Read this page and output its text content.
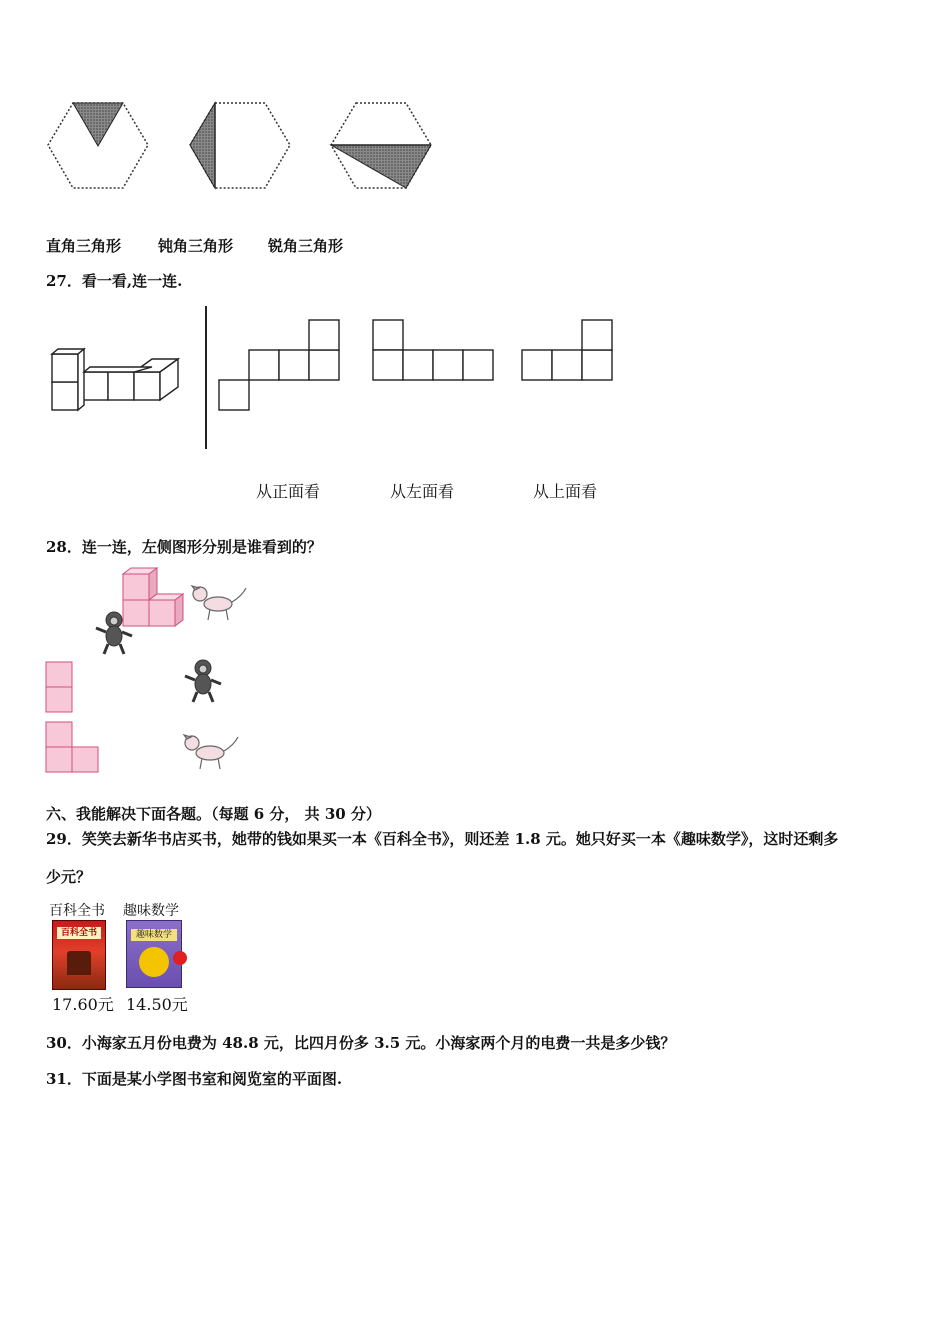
直角三角形 钝角三角形 锐角三角形
27．看一看,连一连.
从正面看	从左面看	从上面看
28．连一连，左侧图形分别是谁看到的？
六、我能解决下面各题。（每题 6 分， 共 30 分）
29．笑笑去新华书店买书，她带的钱如果买一本《百科全书》，则还差 1.8 元。她只好买一本《趣味数学》，这时还剩多
少元？
百科全书 趣味数学
百科全书	趣味数学
17.60元 14.50元
30．小海家五月份电费为 48.8 元，比四月份多 3.5 元。小海家两个月的电费一共是多少钱？
31．下面是某小学图书室和阅览室的平面图.
